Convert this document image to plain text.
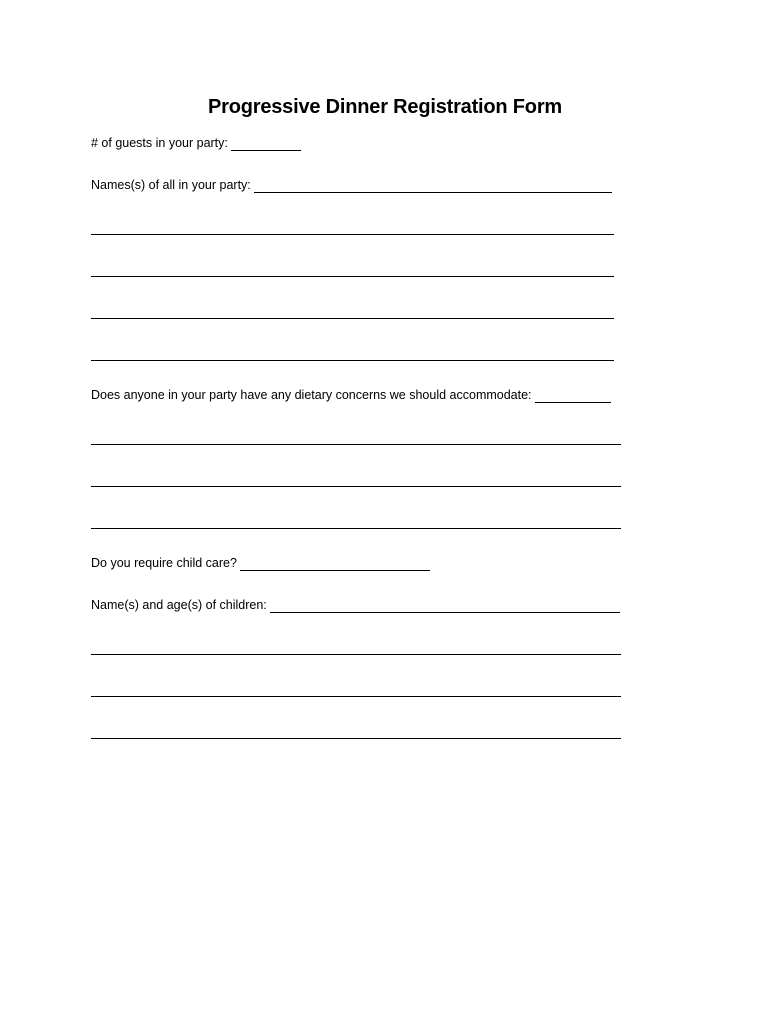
Progressive Dinner Registration Form
# of guests in your party:
Names(s) of all in your party:
Does anyone in your party have any dietary concerns we should accommodate:
Do you require child care?
Name(s) and age(s) of children:
